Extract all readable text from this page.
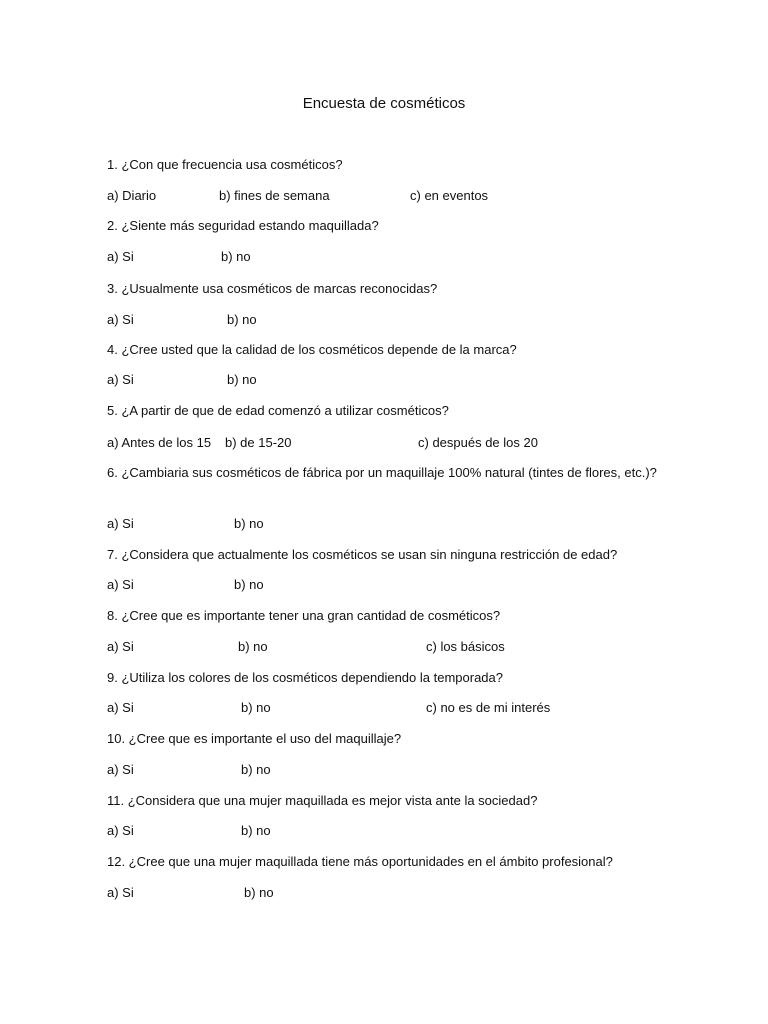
Encuesta de cosméticos
1. ¿Con que frecuencia usa cosméticos?
a) Diario	b) fines de semana	c) en eventos
2. ¿Siente más seguridad estando maquillada?
a) Si	b) no
3. ¿Usualmente usa cosméticos de marcas reconocidas?
a) Si	b) no
4. ¿Cree usted que la calidad de los cosméticos depende de la marca?
a) Si	b) no
5. ¿A partir de que de edad comenzó a utilizar cosméticos?
a) Antes de los 15 b) de 15-20	c) después de los 20
6. ¿Cambiaria sus cosméticos de fábrica por un maquillaje 100% natural (tintes de flores, etc.)?
a) Si	b) no
7. ¿Considera que actualmente los cosméticos se usan sin ninguna restricción de edad?
a) Si	b) no
8. ¿Cree que es importante tener una gran cantidad de cosméticos?
a) Si	b) no	c) los básicos
9. ¿Utiliza los colores de los cosméticos dependiendo la temporada?
a) Si	b) no	c) no es de mi interés
10. ¿Cree que es importante el uso del maquillaje?
a) Si	b) no
11. ¿Considera que una mujer maquillada es mejor vista ante la sociedad?
a) Si	b) no
12. ¿Cree que una mujer maquillada tiene más oportunidades en el ámbito profesional?
a) Si	b) no
